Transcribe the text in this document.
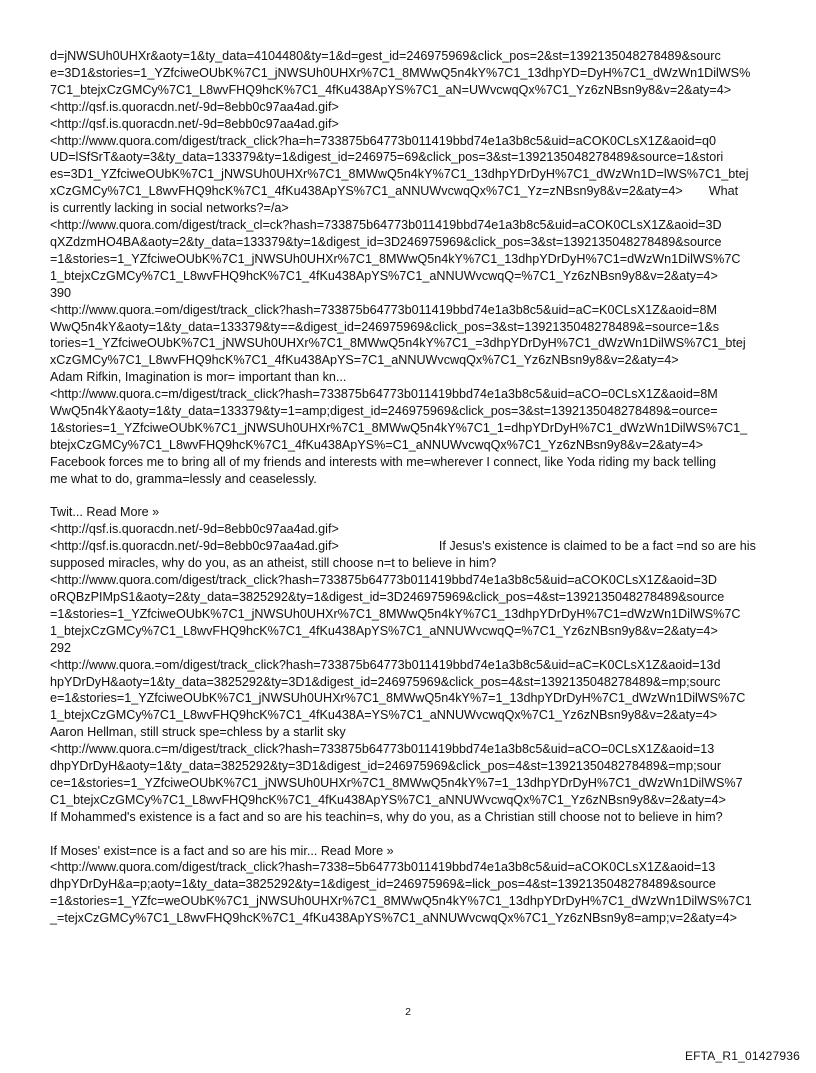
d=jNWSUh0UHXr&aoty=1&ty_data=4104480&ty=1&d=gest_id=246975969&click_pos=2&st=1392135048278489&sourc
e=3D1&stories=1_YZfciweOUbK%7C1_jNWSUh0UHXr%7C1_8MWwQ5n4kY%7C1_13dhpYD=DyH%7C1_dWzWn1DilWS%
7C1_btejxCzGMCy%7C1_L8wvFHQ9hcK%7C1_4fKu438ApYS%7C1_aN=UWvcwqQx%7C1_Yz6zNBsn9y8&v=2&aty=4>
<http://qsf.is.quoracdn.net/-9d=8ebb0c97aa4ad.gif>
<http://qsf.is.quoracdn.net/-9d=8ebb0c97aa4ad.gif>
<http://www.quora.com/digest/track_click?ha=h=733875b64773b011419bbd74e1a3b8c5&uid=aCOK0CLsX1Z&aoid=q0
UD=lSfSrT&aoty=3&ty_data=133379&ty=1&digest_id=246975=69&click_pos=3&st=1392135048278489&source=1&stori
es=3D1_YZfciweOUbK%7C1_jNWSUh0UHXr%7C1_8MWwQ5n4kY%7C1_13dhpYDrDyH%7C1_dWzWn1D=lWS%7C1_btej
xCzGMCy%7C1_L8wvFHQ9hcK%7C1_4fKu438ApYS%7C1_aNNUWvcwqQx%7C1_Yz=zNBsn9y8&v=2&aty=4> What
is currently lacking in social networks?=/a>
<http://www.quora.com/digest/track_cl=ck?hash=733875b64773b011419bbd74e1a3b8c5&uid=aCOK0CLsX1Z&aoid=3D
qXZdzmHO4BA&aoty=2&ty_data=133379&ty=1&digest_id=3D246975969&click_pos=3&st=1392135048278489&source
=1&stories=1_YZfciweOUbK%7C1_jNWSUh0UHXr%7C1_8MWwQ5n4kY%7C1_13dhpYDrDyH%7C1=dWzWn1DilWS%7C
1_btejxCzGMCy%7C1_L8wvFHQ9hcK%7C1_4fKu438ApYS%7C1_aNNUWvcwqQ=%7C1_Yz6zNBsn9y8&v=2&aty=4>
390
<http://www.quora.=om/digest/track_click?hash=733875b64773b011419bbd74e1a3b8c5&uid=aC=K0CLsX1Z&aoid=8M
WwQ5n4kY&aoty=1&ty_data=133379&ty==&digest_id=246975969&click_pos=3&st=1392135048278489&=source=1&s
tories=1_YZfciweOUbK%7C1_jNWSUh0UHXr%7C1_8MWwQ5n4kY%7C1_=3dhpYDrDyH%7C1_dWzWn1DilWS%7C1_btej
xCzGMCy%7C1_L8wvFHQ9hcK%7C1_4fKu438ApYS=7C1_aNNUWvcwqQx%7C1_Yz6zNBsn9y8&v=2&aty=4>
Adam Rifkin, Imagination is mor= important than kn...
<http://www.quora.c=m/digest/track_click?hash=733875b64773b011419bbd74e1a3b8c5&uid=aCO=0CLsX1Z&aoid=8M
WwQ5n4kY&aoty=1&ty_data=133379&ty=1=amp;digest_id=246975969&click_pos=3&st=1392135048278489&=ource=
1&stories=1_YZfciweOUbK%7C1_jNWSUh0UHXr%7C1_8MWwQ5n4kY%7C1_1=dhpYDrDyH%7C1_dWzWn1DilWS%7C1_
btejxCzGMCy%7C1_L8wvFHQ9hcK%7C1_4fKu438ApYS%=C1_aNNUWvcwqQx%7C1_Yz6zNBsn9y8&v=2&aty=4>
Facebook forces me to bring all of my friends and interests with me=wherever I connect, like Yoda riding my back telling
me what to do, gramma=lessly and ceaselessly.
Twit... Read More »
<http://qsf.is.quoracdn.net/-9d=8ebb0c97aa4ad.gif>
<http://qsf.is.quoracdn.net/-9d=8ebb0c97aa4ad.gif>	If Jesus's existence is claimed to be a fact =nd so are his
supposed miracles, why do you, as an atheist, still choose n=t to believe in him?
<http://www.quora.com/digest/track_click?hash=733875b64773b011419bbd74e1a3b8c5&uid=aCOK0CLsX1Z&aoid=3D
oRQBzPIMpS1&aoty=2&ty_data=3825292&ty=1&digest_id=3D246975969&click_pos=4&st=1392135048278489&source
=1&stories=1_YZfciweOUbK%7C1_jNWSUh0UHXr%7C1_8MWwQ5n4kY%7C1_13dhpYDrDyH%7C1=dWzWn1DilWS%7C
1_btejxCzGMCy%7C1_L8wvFHQ9hcK%7C1_4fKu438ApYS%7C1_aNNUWvcwqQ=%7C1_Yz6zNBsn9y8&v=2&aty=4>
292
<http://www.quora.=om/digest/track_click?hash=733875b64773b011419bbd74e1a3b8c5&uid=aC=K0CLsX1Z&aoid=13d
hpYDrDyH&aoty=1&ty_data=3825292&ty=3D1&digest_id=246975969&click_pos=4&st=1392135048278489&=mp;sourc
e=1&stories=1_YZfciweOUbK%7C1_jNWSUh0UHXr%7C1_8MWwQ5n4kY%7=1_13dhpYDrDyH%7C1_dWzWn1DilWS%7C
1_btejxCzGMCy%7C1_L8wvFHQ9hcK%7C1_4fKu438A=YS%7C1_aNNUWvcwqQx%7C1_Yz6zNBsn9y8&v=2&aty=4>
Aaron Hellman, still struck spe=chless by a starlit sky
<http://www.quora.c=m/digest/track_click?hash=733875b64773b011419bbd74e1a3b8c5&uid=aCO=0CLsX1Z&aoid=13
dhpYDrDyH&aoty=1&ty_data=3825292&ty=3D1&digest_id=246975969&click_pos=4&st=1392135048278489&=mp;sour
ce=1&stories=1_YZfciweOUbK%7C1_jNWSUh0UHXr%7C1_8MWwQ5n4kY%7=1_13dhpYDrDyH%7C1_dWzWn1DilWS%7
C1_btejxCzGMCy%7C1_L8wvFHQ9hcK%7C1_4fKu438ApYS%7C1_aNNUWvcwqQx%7C1_Yz6zNBsn9y8&v=2&aty=4>
If Mohammed's existence is a fact and so are his teachin=s, why do you, as a Christian still choose not to believe in him?
If Moses' exist=nce is a fact and so are his mir... Read More »
<http://www.quora.com/digest/track_click?hash=7338=5b64773b011419bbd74e1a3b8c5&uid=aCOK0CLsX1Z&aoid=13
dhpYDrDyH&a=p;aoty=1&ty_data=3825292&ty=1&digest_id=246975969&=lick_pos=4&st=1392135048278489&source
=1&stories=1_YZfc=weOUbK%7C1_jNWSUh0UHXr%7C1_8MWwQ5n4kY%7C1_13dhpYDrDyH%7C1_dWzWn1DilWS%7C1
_=tejxCzGMCy%7C1_L8wvFHQ9hcK%7C1_4fKu438ApYS%7C1_aNNUWvcwqQx%7C1_Yz6zNBsn9y8=amp;v=2&aty=4>
2
EFTA_R1_01427936
